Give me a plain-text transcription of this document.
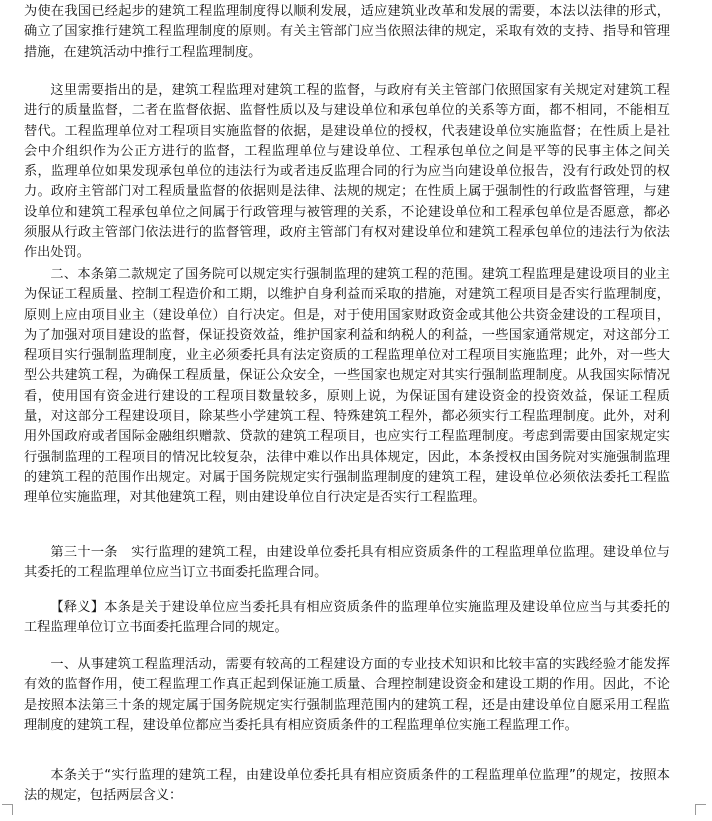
为使在我国已经起步的建筑工程监理制度得以顺利发展，适应建筑业改革和发展的需要，本法以法律的形式，确立了国家推行建筑工程监理制度的原则。有关主管部门应当依照法律的规定，采取有效的支持、指导和管理措施，在建筑活动中推行工程监理制度。

这里需要指出的是，建筑工程监理对建筑工程的监督，与政府有关主管部门依照国家有关规定对建筑工程进行的质量监督，二者在监督依据、监督性质以及与建设单位和承包单位的关系等方面，都不相同，不能相互替代。工程监理单位对工程项目实施监督的依据，是建设单位的授权，代表建设单位实施监督；在性质上是社会中介组织作为公正方进行的监督，工程监理单位与建设单位、工程承包单位之间是平等的民事主体之间关系，监理单位如果发现承包单位的违法行为或者违反监理合同的行为应当向建设单位报告，没有行政处罚的权力。政府主管部门对工程质量监督的依据则是法律、法规的规定；在性质上属于强制性的行政监督管理，与建设单位和建筑工程承包单位之间属于行政管理与被管理的关系，不论建设单位和工程承包单位是否愿意，都必须服从行政主管部门依法进行的监督管理，政府主管部门有权对建设单位和建筑工程承包单位的违法行为依法作出处罚。

二、本条第二款规定了国务院可以规定实行强制监理的建筑工程的范围。建筑工程监理是建设项目的业主为保证工程质量、控制工程造价和工期，以维护自身利益而采取的措施，对建筑工程项目是否实行监理制度，原则上应由项目业主（建设单位）自行决定。但是，对于使用国家财政资金或其他公共资金建设的工程项目，为了加强对项目建设的监督，保证投资效益，维护国家利益和纳税人的利益，一些国家通常规定，对这部分工程项目实行强制监理制度，业主必须委托具有法定资质的工程监理单位对工程项目实施监理；此外，对一些大型公共建筑工程，为确保工程质量，保证公众安全，一些国家也规定对其实行强制监理制度。从我国实际情况看，使用国有资金进行建设的工程项目数量较多，原则上说，为保证国有建设资金的投资效益，保证工程质量，对这部分工程建设项目，除某些小学建筑工程、特殊建筑工程外，都必须实行工程监理制度。此外，对利用外国政府或者国际金融组织赠款、贷款的建筑工程项目，也应实行工程监理制度。考虑到需要由国家规定实行强制监理的工程项目的情况比较复杂，法律中难以作出具体规定，因此，本条授权由国务院对实施强制监理的建筑工程的范围作出规定。对属于国务院规定实行强制监理制度的建筑工程，建设单位必须依法委托工程监理单位实施监理，对其他建筑工程，则由建设单位自行决定是否实行工程监理。

第三十一条　实行监理的建筑工程，由建设单位委托具有相应资质条件的工程监理单位监理。建设单位与其委托的工程监理单位应当订立书面委托监理合同。

【释义】本条是关于建设单位应当委托具有相应资质条件的监理单位实施监理及建设单位应当与其委托的工程监理单位订立书面委托监理合同的规定。

一、从事建筑工程监理活动，需要有较高的工程建设方面的专业技术知识和比较丰富的实践经验才能发挥有效的监督作用，使工程监理工作真正起到保证施工质量、合理控制建设资金和建设工期的作用。因此，不论是按照本法第三十条的规定属于国务院规定实行强制监理范围内的建筑工程，还是由建设单位自愿采用工程监理制度的建筑工程，建设单位都应当委托具有相应资质条件的工程监理单位实施工程监理工作。

本条关于“实行监理的建筑工程，由建设单位委托具有相应资质条件的工程监理单位监理”的规定，按照本法的规定，包括两层含义：
